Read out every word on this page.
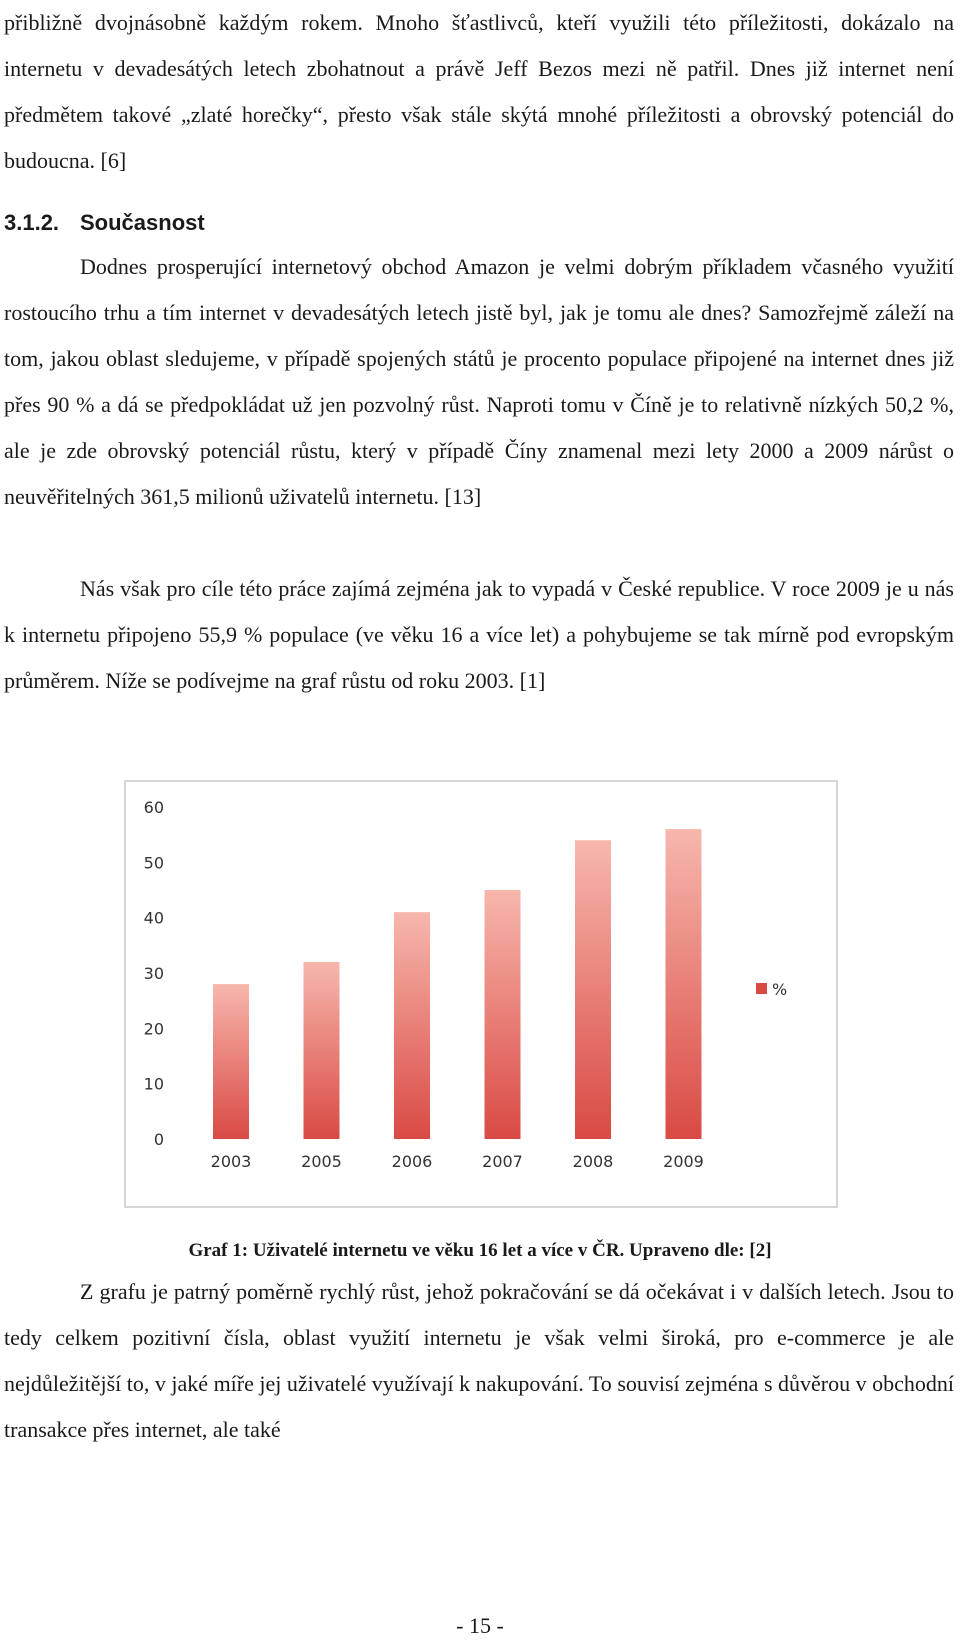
přibližně dvojnásobně každým rokem. Mnoho šťastlivců, kteří využili této příležitosti, dokázalo na internetu v devadesátých letech zbohatnout a právě Jeff Bezos mezi ně patřil. Dnes již internet není předmětem takové „zlaté horečky“, přesto však stále skýtá mnohé příležitosti a obrovský potenciál do budoucna. [6]

3.1.2. Současnost

Dodnes prosperující internetový obchod Amazon je velmi dobrým příkladem včasného využití rostoucího trhu a tím internet v devadesátých letech jistě byl, jak je tomu ale dnes? Samozřejmě záleží na tom, jakou oblast sledujeme, v případě spojených států je procento populace připojené na internet dnes již přes 90 % a dá se předpokládat už jen pozvolný růst. Naproti tomu v Číně je to relativně nízkých 50,2 %, ale je zde obrovský potenciál růstu, který v případě Číny znamenal mezi lety 2000 a 2009 nárůst o neuvěřitelných 361,5 milionů uživatelů internetu. [13]

Nás však pro cíle této práce zajímá zejména jak to vypadá v České republice. V roce 2009 je u nás k internetu připojeno 55,9 % populace (ve věku 16 a více let) a pohybujeme se tak mírně pod evropským průměrem. Níže se podívejme na graf růstu od roku 2003. [1]

0
10
20
30
40
50
60
2003	2005	2006	2007	2008	2009
%

Graf 1: Uživatelé internetu ve věku 16 let a více v ČR. Upraveno dle: [2]

Z grafu je patrný poměrně rychlý růst, jehož pokračování se dá očekávat i v dalších letech. Jsou to tedy celkem pozitivní čísla, oblast využití internetu je však velmi široká, pro e-commerce je ale nejdůležitější to, v jaké míře jej uživatelé využívají k nakupování. To souvisí zejména s důvěrou v obchodní transakce přes internet, ale také

- 15 -
